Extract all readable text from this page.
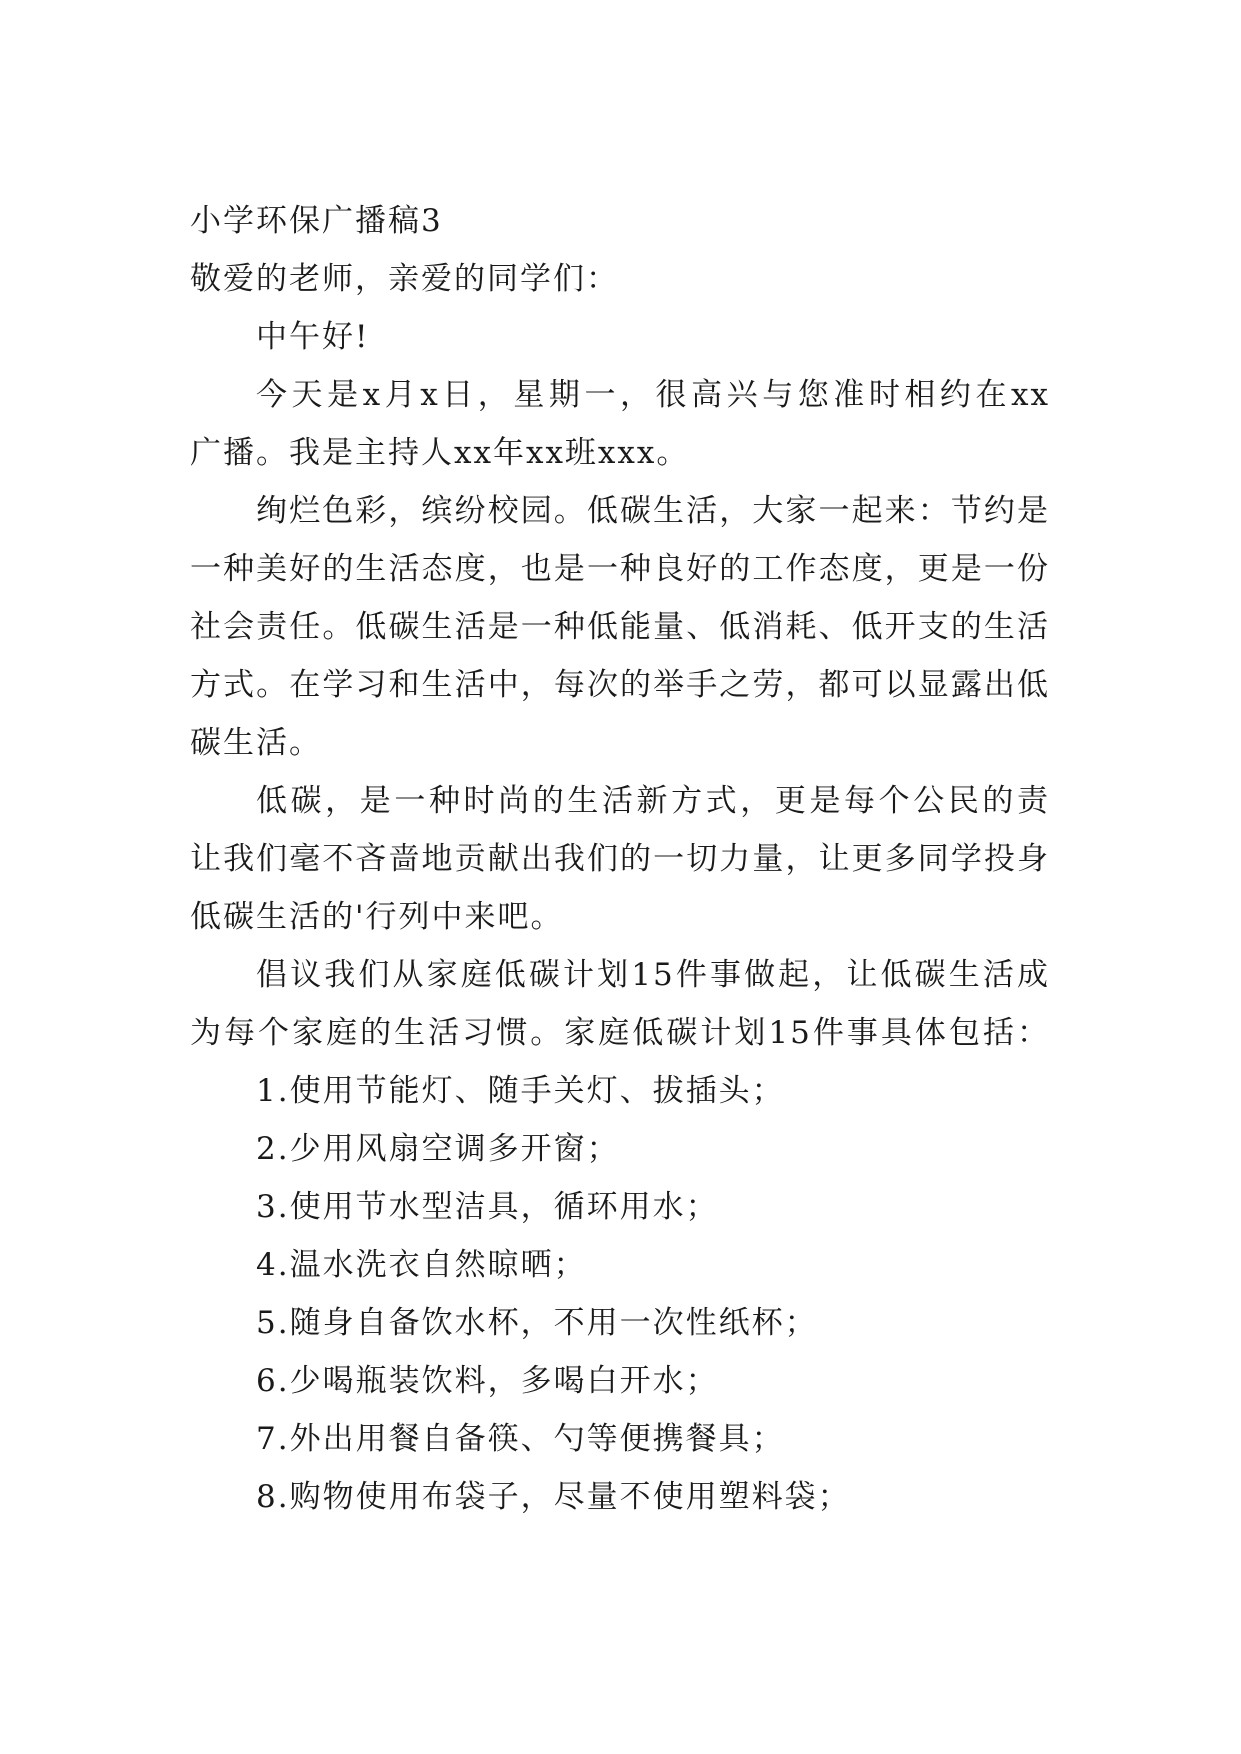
小学环保广播稿3
敬爱的老师，亲爱的同学们：
中午好!
今天是x月x日，星期一，很高兴与您准时相约在xx
广播。我是主持人xx年xx班xxx。
绚烂色彩，缤纷校园。低碳生活，大家一起来：节约是
一种美好的生活态度，也是一种良好的工作态度，更是一份
社会责任。低碳生活是一种低能量、低消耗、低开支的生活
方式。在学习和生活中，每次的举手之劳，都可以显露出低
碳生活。
低碳，是一种时尚的生活新方式，更是每个公民的责
让我们毫不吝啬地贡献出我们的一切力量，让更多同学投身
低碳生活的'行列中来吧。
倡议我们从家庭低碳计划15件事做起，让低碳生活成
为每个家庭的生活习惯。家庭低碳计划15件事具体包括：
1.使用节能灯、随手关灯、拔插头；
2.少用风扇空调多开窗；
3.使用节水型洁具，循环用水；
4.温水洗衣自然晾晒；
5.随身自备饮水杯，不用一次性纸杯；
6.少喝瓶装饮料，多喝白开水；
7.外出用餐自备筷、勺等便携餐具；
8.购物使用布袋子，尽量不使用塑料袋；
